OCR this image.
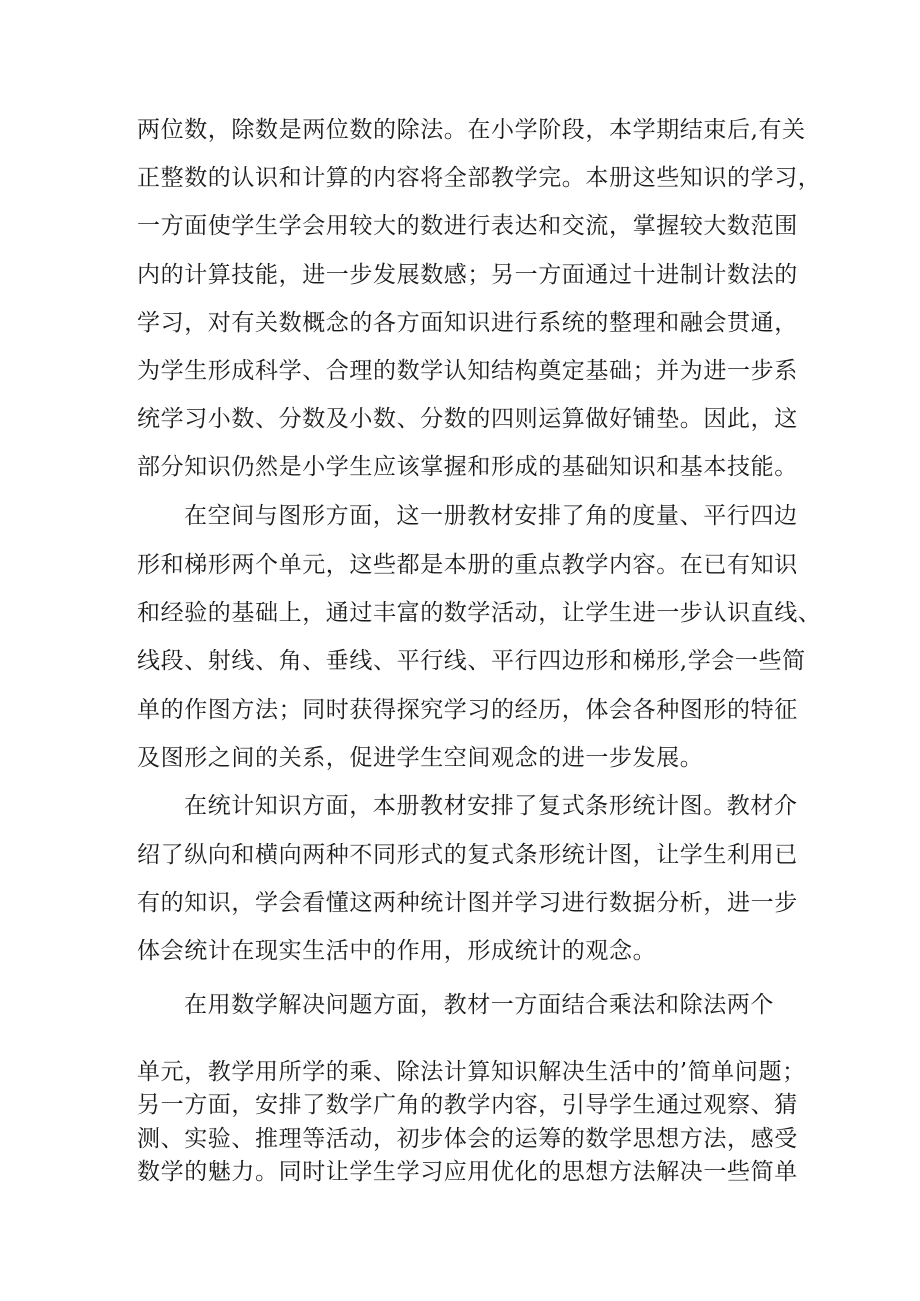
两位数，除数是两位数的除法。在小学阶段，本学期结束后,有关
正整数的认识和计算的内容将全部教学完。本册这些知识的学习，
一方面使学生学会用较大的数进行表达和交流，掌握较大数范围
内的计算技能，进一步发展数感；另一方面通过十进制计数法的
学习，对有关数概念的各方面知识进行系统的整理和融会贯通，
为学生形成科学、合理的数学认知结构奠定基础；并为进一步系
统学习小数、分数及小数、分数的四则运算做好铺垫。因此，这
部分知识仍然是小学生应该掌握和形成的基础知识和基本技能。
在空间与图形方面，这一册教材安排了角的度量、平行四边
形和梯形两个单元，这些都是本册的重点教学内容。在已有知识
和经验的基础上，通过丰富的数学活动，让学生进一步认识直线、
线段、射线、角、垂线、平行线、平行四边形和梯形,学会一些简
单的作图方法；同时获得探究学习的经历，体会各种图形的特征
及图形之间的关系，促进学生空间观念的进一步发展。
在统计知识方面，本册教材安排了复式条形统计图。教材介
绍了纵向和横向两种不同形式的复式条形统计图，让学生利用已
有的知识，学会看懂这两种统计图并学习进行数据分析，进一步
体会统计在现实生活中的作用，形成统计的观念。
在用数学解决问题方面，教材一方面结合乘法和除法两个
单元，教学用所学的乘、除法计算知识解决生活中的’简单问题；
另一方面，安排了数学广角的教学内容，引导学生通过观察、猜
测、实验、推理等活动，初步体会的运筹的数学思想方法，感受
数学的魅力。同时让学生学习应用优化的思想方法解决一些简单
